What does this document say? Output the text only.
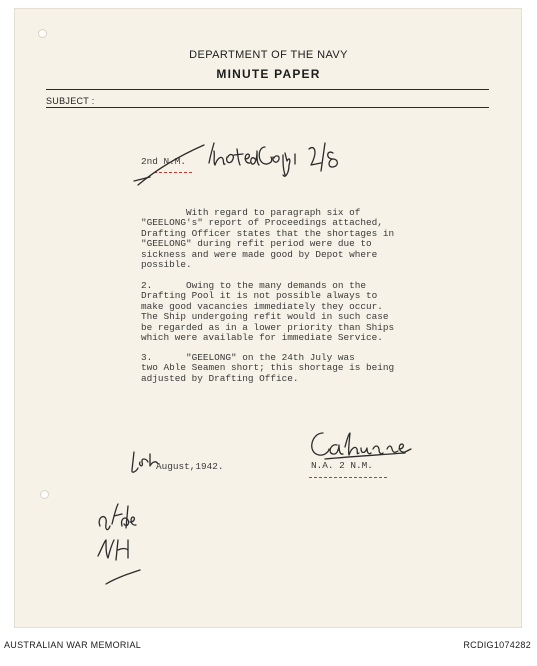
DEPARTMENT OF THE NAVY
MINUTE PAPER
SUBJECT :
2nd N.M.
With regard to paragraph six of
"GEELONG's" report of Proceedings attached,
Drafting Officer states that the shortages in
"GEELONG" during refit period were due to
sickness and were made good by Depot where
possible.
2.      Owing to the many demands on the
Drafting Pool it is not possible always to
make good vacancies immediately they occur.
The Ship undergoing refit would in such case
be regarded as in a lower priority than Ships
which were available for immediate Service.
3.      "GEELONG" on the 24th July was
two Able Seamen short; this shortage is being
adjusted by Drafting Office.
N.A. 2 N.M.
August,1942.
AUSTRALIAN WAR MEMORIAL	RCDIG1074282
